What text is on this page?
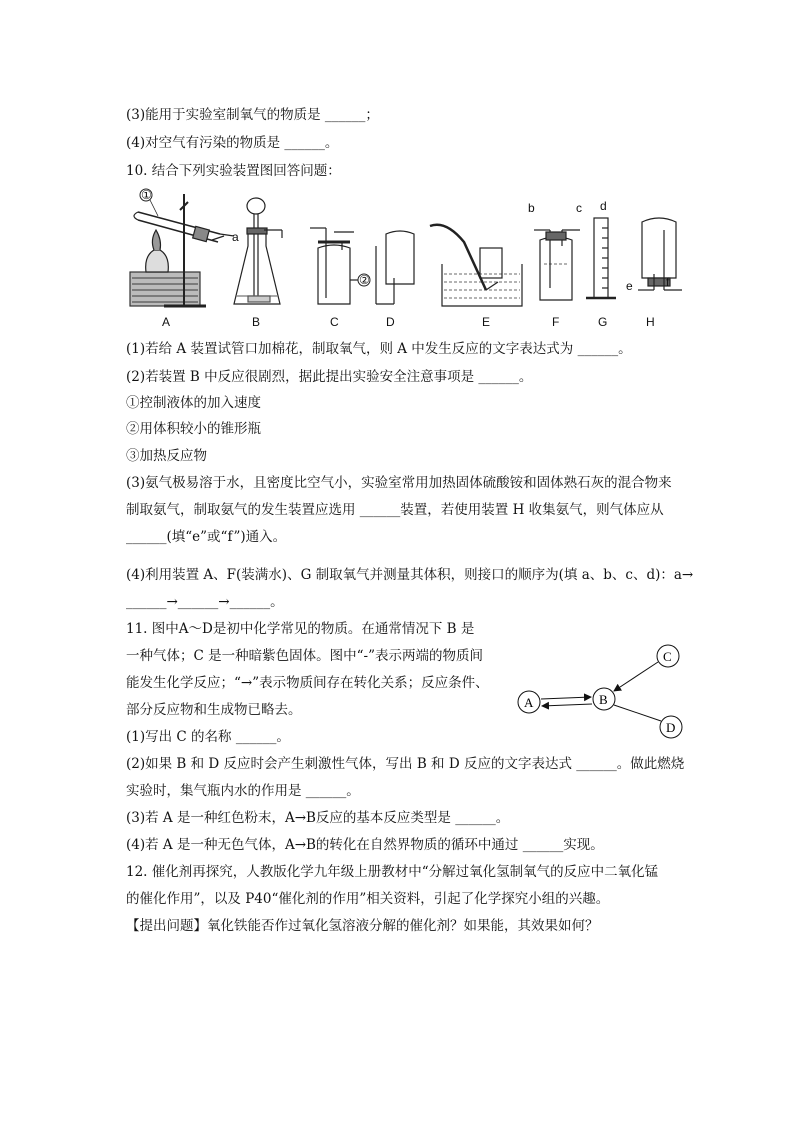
(3)能用于实验室制氧气的物质是 ______；
(4)对空气有污染的物质是 ______。
10. 结合下列实验装置图回答问题：
a
①
②
b	c d
e	f
A	B	C	D	E	F	G	H
(1)若给 A 装置试管口加棉花，制取氧气，则 A 中发生反应的文字表达式为 ______。
(2)若装置 B 中反应很剧烈，据此提出实验安全注意事项是 ______。
①控制液体的加入速度
②用体积较小的锥形瓶
③加热反应物
(3)氨气极易溶于水，且密度比空气小，实验室常用加热固体硫酸铵和固体熟石灰的混合物来
制取氨气，制取氨气的发生装置应选用 ______装置，若使用装置 H 收集氨气，则气体应从
______(填“e”或“f”)通入。
(4)利用装置 A、F(装满水)、G 制取氧气并测量其体积，则接口的顺序为(填 a、b、c、d)：a→
______→______→______。
11. 图中A～D是初中化学常见的物质。在通常情况下 B 是
一种气体；C 是一种暗紫色固体。图中“-”表示两端的物质间
能发生化学反应；“→”表示物质间存在转化关系；反应条件、
部分反应物和生成物已略去。	A	B
C
D
(1)写出 C 的名称 ______。
(2)如果 B 和 D 反应时会产生刺激性气体，写出 B 和 D 反应的文字表达式 ______。做此燃烧
实验时，集气瓶内水的作用是 ______。
(3)若 A 是一种红色粉末，A→B反应的基本反应类型是 ______。
(4)若 A 是一种无色气体，A→B的转化在自然界物质的循环中通过 ______实现。
12. 催化剂再探究，人教版化学九年级上册教材中“分解过氧化氢制氧气的反应中二氧化锰
的催化作用”，以及 P40“催化剂的作用”相关资料，引起了化学探究小组的兴趣。
【提出问题】氧化铁能否作过氧化氢溶液分解的催化剂？如果能，其效果如何？
